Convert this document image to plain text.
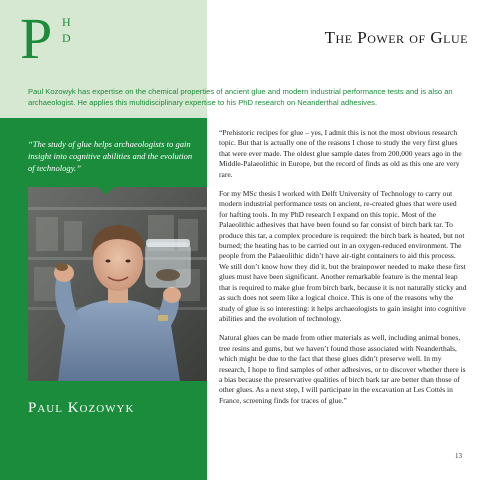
P H
D	The Power of Glue
Paul Kozowyk has expertise on the chemical properties of ancient glue and modern industrial performance tests and is also an archaeologist. He applies this multidisciplinary expertise to his PhD research on Neanderthal adhesives.
“The study of glue helps archaeologists to gain insight into cognitive abilities and the evolution of technology.”
Paul Kozowyk

“Prehistoric recipes for glue – yes, I admit this is not the most obvious research topic. But that is actually one of the reasons I chose to study the very first glues that were ever made. The oldest glue sample dates from 200,000 years ago in the Middle-Palaeolithic in Europe, but the record of finds as old as this one are very rare.

For my MSc thesis I worked with Delft University of Technology to carry out modern industrial performance tests on ancient, re-created glues that were used for hafting tools. In my PhD research I expand on this topic. Most of the Palaeolithic adhesives that have been found so far consist of birch bark tar. To produce this tar, a complex procedure is required: the birch bark is heated, but not burned; the heating has to be carried out in an oxygen-reduced environment. The people from the Palaeolithic didn’t have air-tight containers to aid this process. We still don’t know how they did it, but the brainpower needed to make these first glues must have been significant. Another remarkable feature is the mental leap that is required to make glue from birch bark, because it is not naturally sticky and as such does not seem like a logical choice. This is one of the reasons why the study of glue is so interesting: it helps archaeologists to gain insight into cognitive abilities and the evolution of technology.

Natural glues can be made from other materials as well, including animal bones, tree resins and gums, but we haven’t found those associated with Neanderthals, which might be due to the fact that these glues didn’t preserve well. In my research, I hope to find samples of other adhesives, or to discover whether there is a bias because the preservative qualities of birch bark tar are better than those of other glues. As a next step, I will participate in the excavation at Les Cottés in France, screening finds for traces of glue.”

13
